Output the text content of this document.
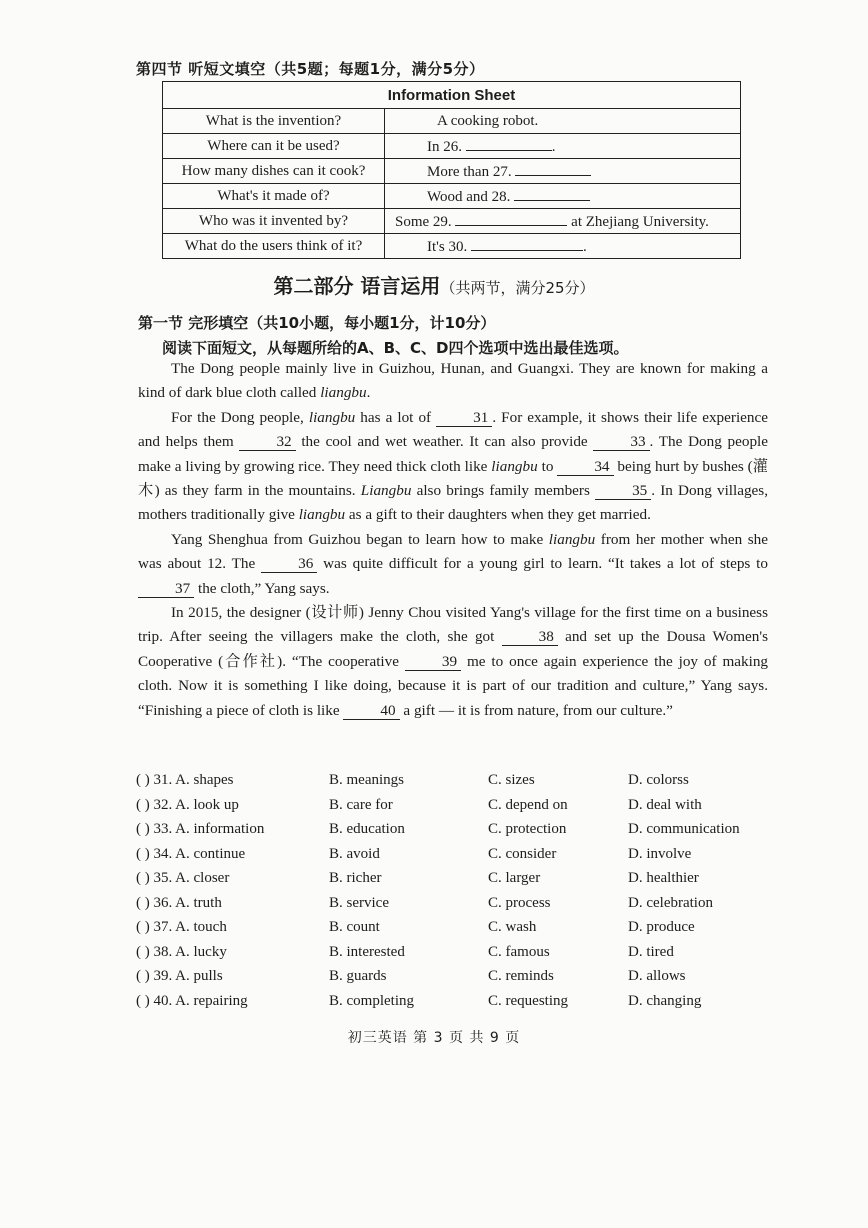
第四节 听短文填空（共5题；每题1分，满分5分）
Information Sheet	
What is the invention?	A cooking robot.
Where can it be used?	In 26. .
How many dishes can it cook?	More than 27.
What's it made of?	Wood and 28.
Who was it invented by?	Some 29. at Zhejiang University.
What do the users think of it?	It's 30. .
第二部分 语言运用（共两节，满分25分）
第一节 完形填空（共10小题，每小题1分，计10分）
阅读下面短文，从每题所给的A、B、C、D四个选项中选出最佳选项。

The Dong people mainly live in Guizhou, Hunan, and Guangxi. They are known for making a kind of dark blue cloth called liangbu.

For the Dong people, liangbu has a lot of 31 . For example, it shows their life experience and helps them 32 the cool and wet weather. It can also provide 33 . The Dong people make a living by growing rice. They need thick cloth like liangbu to 34 being hurt by bushes (灌木) as they farm in the mountains. Liangbu also brings family members 35 . In Dong villages, mothers traditionally give liangbu as a gift to their daughters when they get married.

Yang Shenghua from Guizhou began to learn how to make liangbu from her mother when she was about 12. The 36 was quite difficult for a young girl to learn. “It takes a lot of steps to 37 the cloth,” Yang says.

In 2015, the designer (设计师) Jenny Chou visited Yang's village for the first time on a business trip. After seeing the villagers make the cloth, she got 38 and set up the Dousa Women's Cooperative (合作社). “The cooperative 39 me to once again experience the joy of making cloth. Now it is something I like doing, because it is part of our tradition and culture,” Yang says. “Finishing a piece of cloth is like 40 a gift — it is from nature, from our culture.”

( ) 31. A. shapes	B. meanings	C. sizes	D. colorss
( ) 32. A. look up	B. care for	C. depend on	D. deal with
( ) 33. A. information	B. education	C. protection	D. communication
( ) 34. A. continue	B. avoid	C. consider	D. involve
( ) 35. A. closer	B. richer	C. larger	D. healthier
( ) 36. A. truth	B. service	C. process	D. celebration
( ) 37. A. touch	B. count	C. wash	D. produce
( ) 38. A. lucky	B. interested	C. famous	D. tired
( ) 39. A. pulls	B. guards	C. reminds	D. allows
( ) 40. A. repairing	B. completing	C. requesting	D. changing
初三英语 第 3 页 共 9 页
